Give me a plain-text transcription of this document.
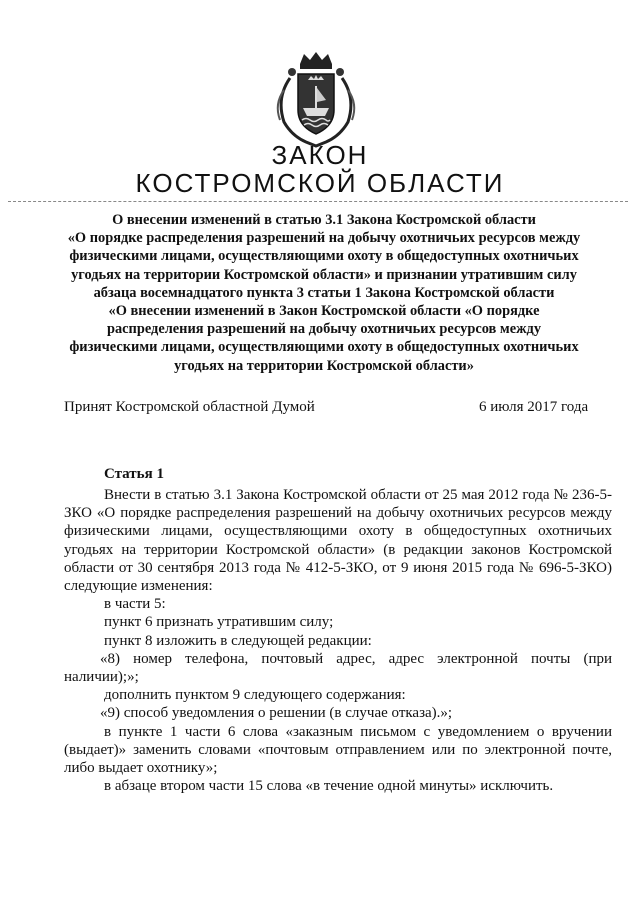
ЗАКОН
КОСТРОМСКОЙ ОБЛАСТИ
О внесении изменений в статью 3.1 Закона Костромской области
«О порядке распределения разрешений на добычу охотничьих ресурсов между
физическими лицами, осуществляющими охоту в общедоступных охотничьих
угодьях на территории Костромской области» и признании утратившим силу
абзаца восемнадцатого пункта 3 статьи 1 Закона Костромской области
«О внесении изменений в Закон Костромской области «О порядке
распределения разрешений на добычу охотничьих ресурсов между
физическими лицами, осуществляющими охоту в общедоступных охотничьих
угодьях на территории Костромской области»
Принят Костромской областной Думой	6 июля 2017 года
Статья 1

Внести в статью 3.1 Закона Костромской области от 25 мая 2012 года № 236-5-ЗКО «О порядке распределения разрешений на добычу охотничьих ресурсов между физическими лицами, осуществляющими охоту в общедоступных охотничьих угодьях на территории Костромской области» (в редакции законов Костромской области от 30 сентября 2013 года № 412-5-ЗКО, от 9 июня 2015 года № 696-5-ЗКО) следующие изменения:

в части 5:

пункт 6 признать утратившим силу;

пункт 8 изложить в следующей редакции:

«8) номер телефона, почтовый адрес, адрес электронной почты (при наличии);»;

дополнить пунктом 9 следующего содержания:

«9) способ уведомления о решении (в случае отказа).»;

в пункте 1 части 6 слова «заказным письмом с уведомлением о вручении (выдает)» заменить словами «почтовым отправлением или по электронной почте, либо выдает охотнику»;

в абзаце втором части 15 слова «в течение одной минуты» исключить.
